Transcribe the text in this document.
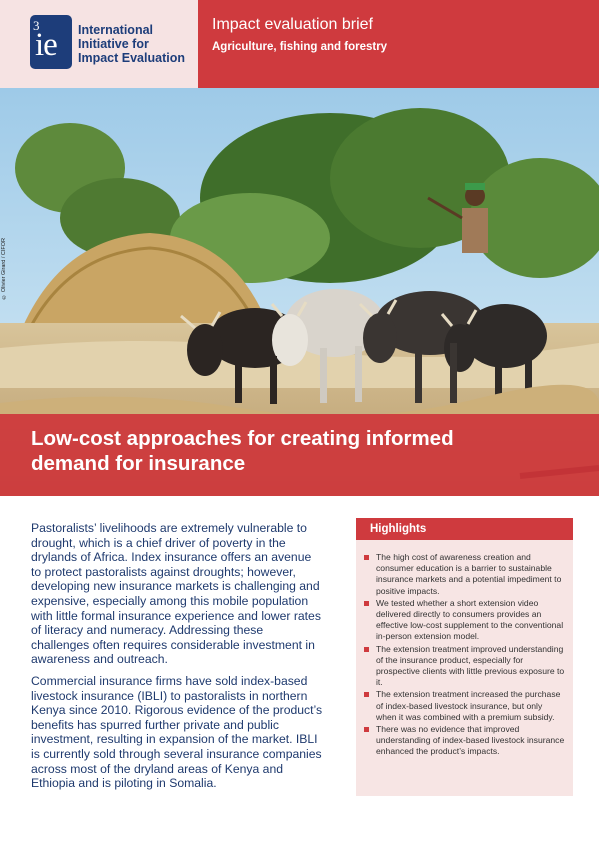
3
ie International
Initiative for
Impact Evaluation
Impact evaluation brief
Agriculture, fishing and forestry
© Olivier Girard / CIFOR
Low-cost approaches for creating informed
demand for insurance

Pastoralists’ livelihoods are extremely vulnerable to drought, which is a chief driver of poverty in the drylands of Africa. Index insurance offers an avenue to protect pastoralists against droughts; however, developing new insurance markets is challenging and expensive, especially among this mobile population with little formal insurance experience and lower rates of literacy and numeracy. Addressing these challenges often requires considerable investment in awareness and outreach.

Commercial insurance firms have sold index-based livestock insurance (IBLI) to pastoralists in northern Kenya since 2010. Rigorous evidence of the product’s benefits has spurred further private and public investment, resulting in expansion of the market. IBLI is currently sold through several insurance companies across most of the dryland areas of Kenya and Ethiopia and is piloting in Somalia.

Highlights
The high cost of awareness creation and consumer education is a barrier to sustainable insurance markets and a potential impediment to positive impacts.
We tested whether a short extension video delivered directly to consumers provides an effective low-cost supplement to the conventional in-person extension model.
The extension treatment improved understanding of the insurance product, especially for prospective clients with little previous exposure to it.
The extension treatment increased the purchase of index-based livestock insurance, but only when it was combined with a premium subsidy.
There was no evidence that improved understanding of index-based livestock insurance enhanced the product’s impacts.
